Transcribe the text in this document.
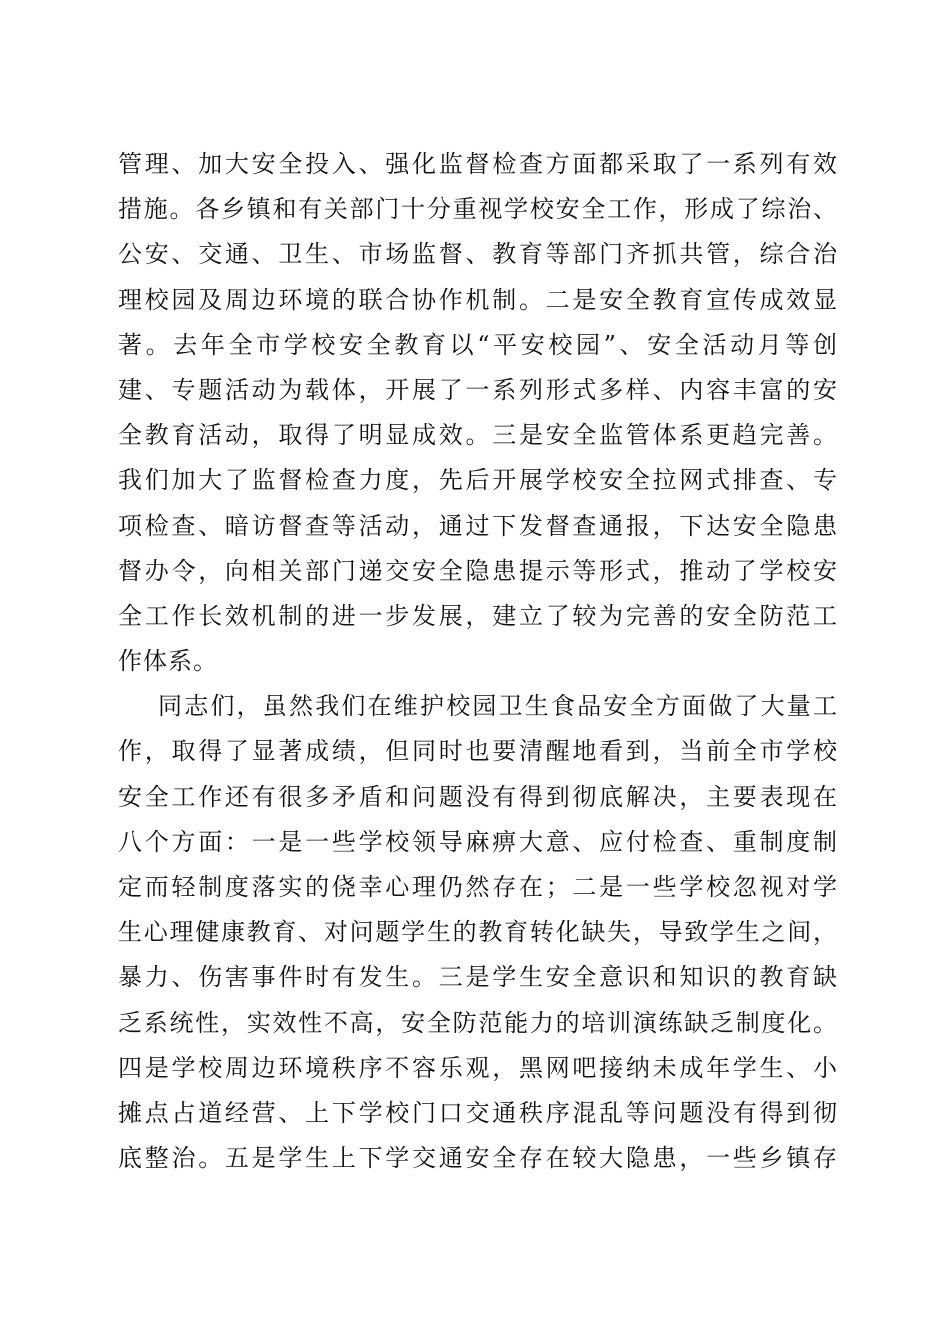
管理、加大安全投入、强化监督检查方面都采取了一系列有效
措施。各乡镇和有关部门十分重视学校安全工作，形成了综治、
公安、交通、卫生、市场监督、教育等部门齐抓共管，综合治
理校园及周边环境的联合协作机制。二是安全教育宣传成效显
著。去年全市学校安全教育以“平安校园”、安全活动月等创
建、专题活动为载体，开展了一系列形式多样、内容丰富的安
全教育活动，取得了明显成效。三是安全监管体系更趋完善。
我们加大了监督检查力度，先后开展学校安全拉网式排查、专
项检查、暗访督查等活动，通过下发督查通报，下达安全隐患
督办令，向相关部门递交安全隐患提示等形式，推动了学校安
全工作长效机制的进一步发展，建立了较为完善的安全防范工
作体系。
同志们，虽然我们在维护校园卫生食品安全方面做了大量工
作，取得了显著成绩，但同时也要清醒地看到，当前全市学校
安全工作还有很多矛盾和问题没有得到彻底解决，主要表现在
八个方面：一是一些学校领导麻痹大意、应付检查、重制度制
定而轻制度落实的侥幸心理仍然存在；二是一些学校忽视对学
生心理健康教育、对问题学生的教育转化缺失，导致学生之间，
暴力、伤害事件时有发生。三是学生安全意识和知识的教育缺
乏系统性，实效性不高，安全防范能力的培训演练缺乏制度化。
四是学校周边环境秩序不容乐观，黑网吧接纳未成年学生、小
摊点占道经营、上下学校门口交通秩序混乱等问题没有得到彻
底整治。五是学生上下学交通安全存在较大隐患，一些乡镇存
